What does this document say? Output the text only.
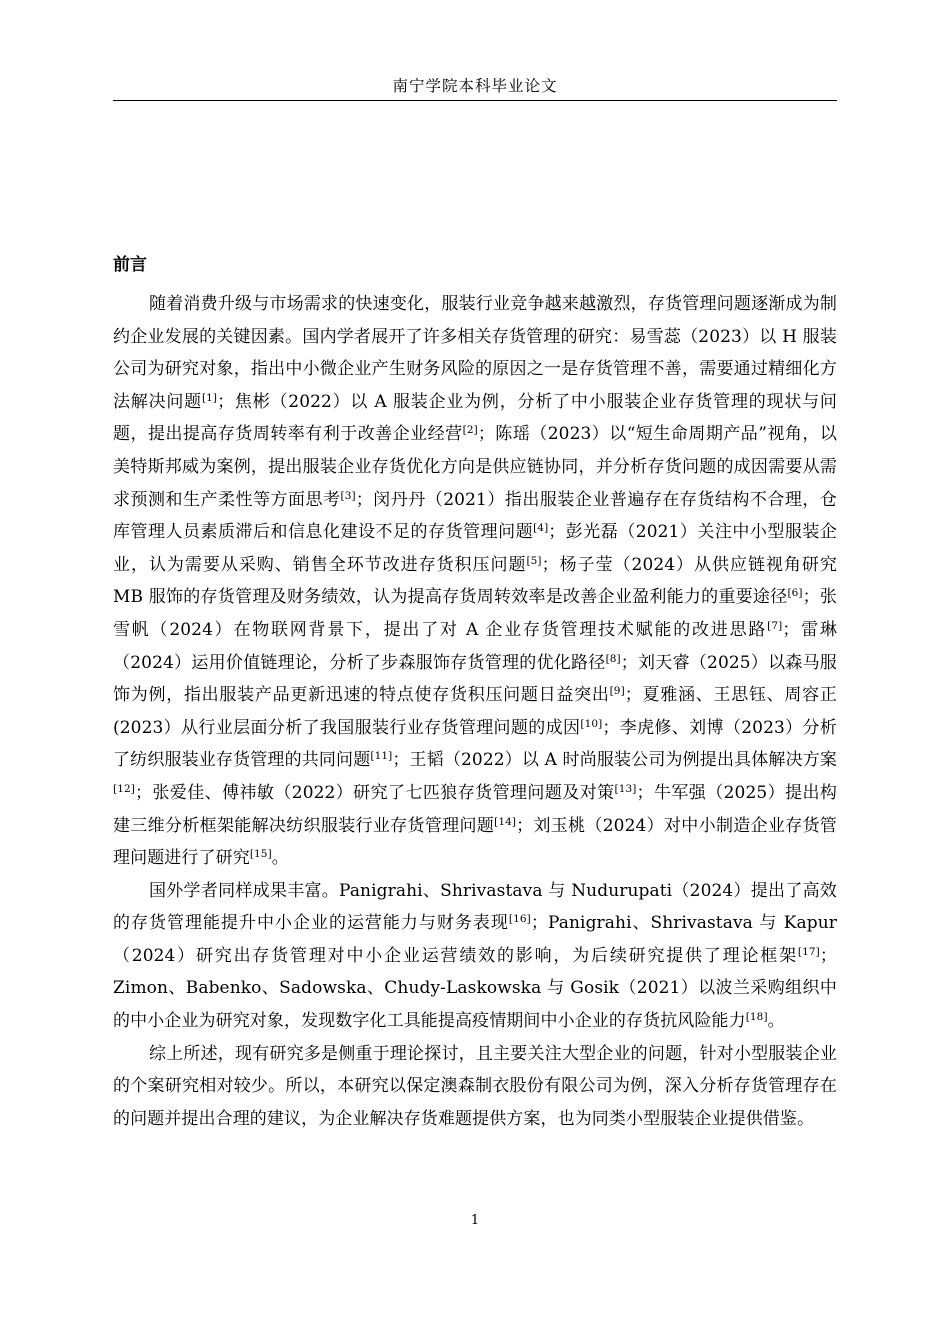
南宁学院本科毕业论文
前言

随着消费升级与市场需求的快速变化，服装行业竞争越来越激烈，存货管理问题逐渐成为制约企业发展的关键因素。国内学者展开了许多相关存货管理的研究：易雪蕊（2023）以 H 服装公司为研究对象，指出中小微企业产生财务风险的原因之一是存货管理不善，需要通过精细化方法解决问题[1]；焦彬（2022）以 A 服装企业为例，分析了中小服装企业存货管理的现状与问题，提出提高存货周转率有利于改善企业经营[2]；陈瑶（2023）以“短生命周期产品”视角，以美特斯邦威为案例，提出服装企业存货优化方向是供应链协同，并分析存货问题的成因需要从需求预测和生产柔性等方面思考[3]；闵丹丹（2021）指出服装企业普遍存在存货结构不合理，仓库管理人员素质滞后和信息化建设不足的存货管理问题[4]；彭光磊（2021）关注中小型服装企业，认为需要从采购、销售全环节改进存货积压问题[5]；杨子莹（2024）从供应链视角研究 MB 服饰的存货管理及财务绩效，认为提高存货周转效率是改善企业盈利能力的重要途径[6]；张雪帆（2024）在物联网背景下，提出了对 A 企业存货管理技术赋能的改进思路[7]；雷琳（2024）运用价值链理论，分析了步森服饰存货管理的优化路径[8]；刘天睿（2025）以森马服饰为例，指出服装产品更新迅速的特点使存货积压问题日益突出[9]；夏雅涵、王思钰、周容正(2023）从行业层面分析了我国服装行业存货管理问题的成因[10]；李虎修、刘博（2023）分析了纺织服装业存货管理的共同问题[11]；王韬（2022）以 A 时尚服装公司为例提出具体解决方案[12]；张爱佳、傅祎敏（2022）研究了七匹狼存货管理问题及对策[13]；牛军强（2025）提出构建三维分析框架能解决纺织服装行业存货管理问题[14]；刘玉桃（2024）对中小制造企业存货管理问题进行了研究[15]。

国外学者同样成果丰富。Panigrahi、Shrivastava 与 Nudurupati（2024）提出了高效的存货管理能提升中小企业的运营能力与财务表现[16]；Panigrahi、Shrivastava 与 Kapur（2024）研究出存货管理对中小企业运营绩效的影响，为后续研究提供了理论框架[17]；Zimon、Babenko、Sadowska、Chudy-Laskowska 与 Gosik（2021）以波兰采购组织中的中小企业为研究对象，发现数字化工具能提高疫情期间中小企业的存货抗风险能力[18]。

综上所述，现有研究多是侧重于理论探讨，且主要关注大型企业的问题，针对小型服装企业的个案研究相对较少。所以，本研究以保定澳森制衣股份有限公司为例，深入分析存货管理存在的问题并提出合理的建议，为企业解决存货难题提供方案，也为同类小型服装企业提供借鉴。

1
